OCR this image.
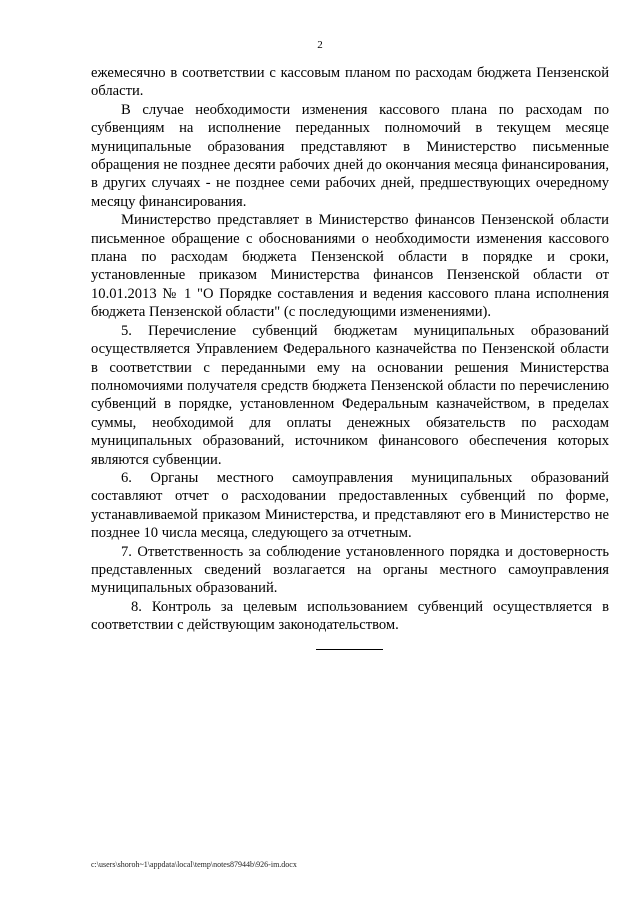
2

ежемесячно в соответствии с кассовым планом по расходам бюджета Пензенской области.

В случае необходимости изменения кассового плана по расходам по субвенциям на исполнение переданных полномочий в текущем месяце муниципальные образования представляют в Министерство письменные обращения не позднее десяти рабочих дней до окончания месяца финансирования, в других случаях - не позднее семи рабочих дней, предшествующих очередному месяцу финансирования.

Министерство представляет в Министерство финансов Пензенской области письменное обращение с обоснованиями о необходимости изменения кассового плана по расходам бюджета Пензенской области в порядке и сроки, установленные приказом Министерства финансов Пензенской области от 10.01.2013 № 1 "О Порядке составления и ведения кассового плана исполнения бюджета Пензенской области" (с последующими изменениями).

5. Перечисление субвенций бюджетам муниципальных образований осуществляется Управлением Федерального казначейства по Пензенской области в соответствии с переданными ему на основании решения Министерства полномочиями получателя средств бюджета Пензенской области по перечислению субвенций в порядке, установленном Федеральным казначейством, в пределах суммы, необходимой для оплаты денежных обязательств по расходам муниципальных образований, источником финансового обеспечения которых являются субвенции.

6. Органы местного самоуправления муниципальных образований составляют отчет о расходовании предоставленных субвенций по форме, устанавливаемой приказом Министерства, и представляют его в Министерство не позднее 10 числа месяца, следующего за отчетным.

7. Ответственность за соблюдение установленного порядка и достоверность представленных сведений возлагается на органы местного самоуправления муниципальных образований.

8. Контроль за целевым использованием субвенций осуществляется в соответствии с действующим законодательством.

c:\users\shoroh~1\appdata\local\temp\notes87944b\926-im.docx
